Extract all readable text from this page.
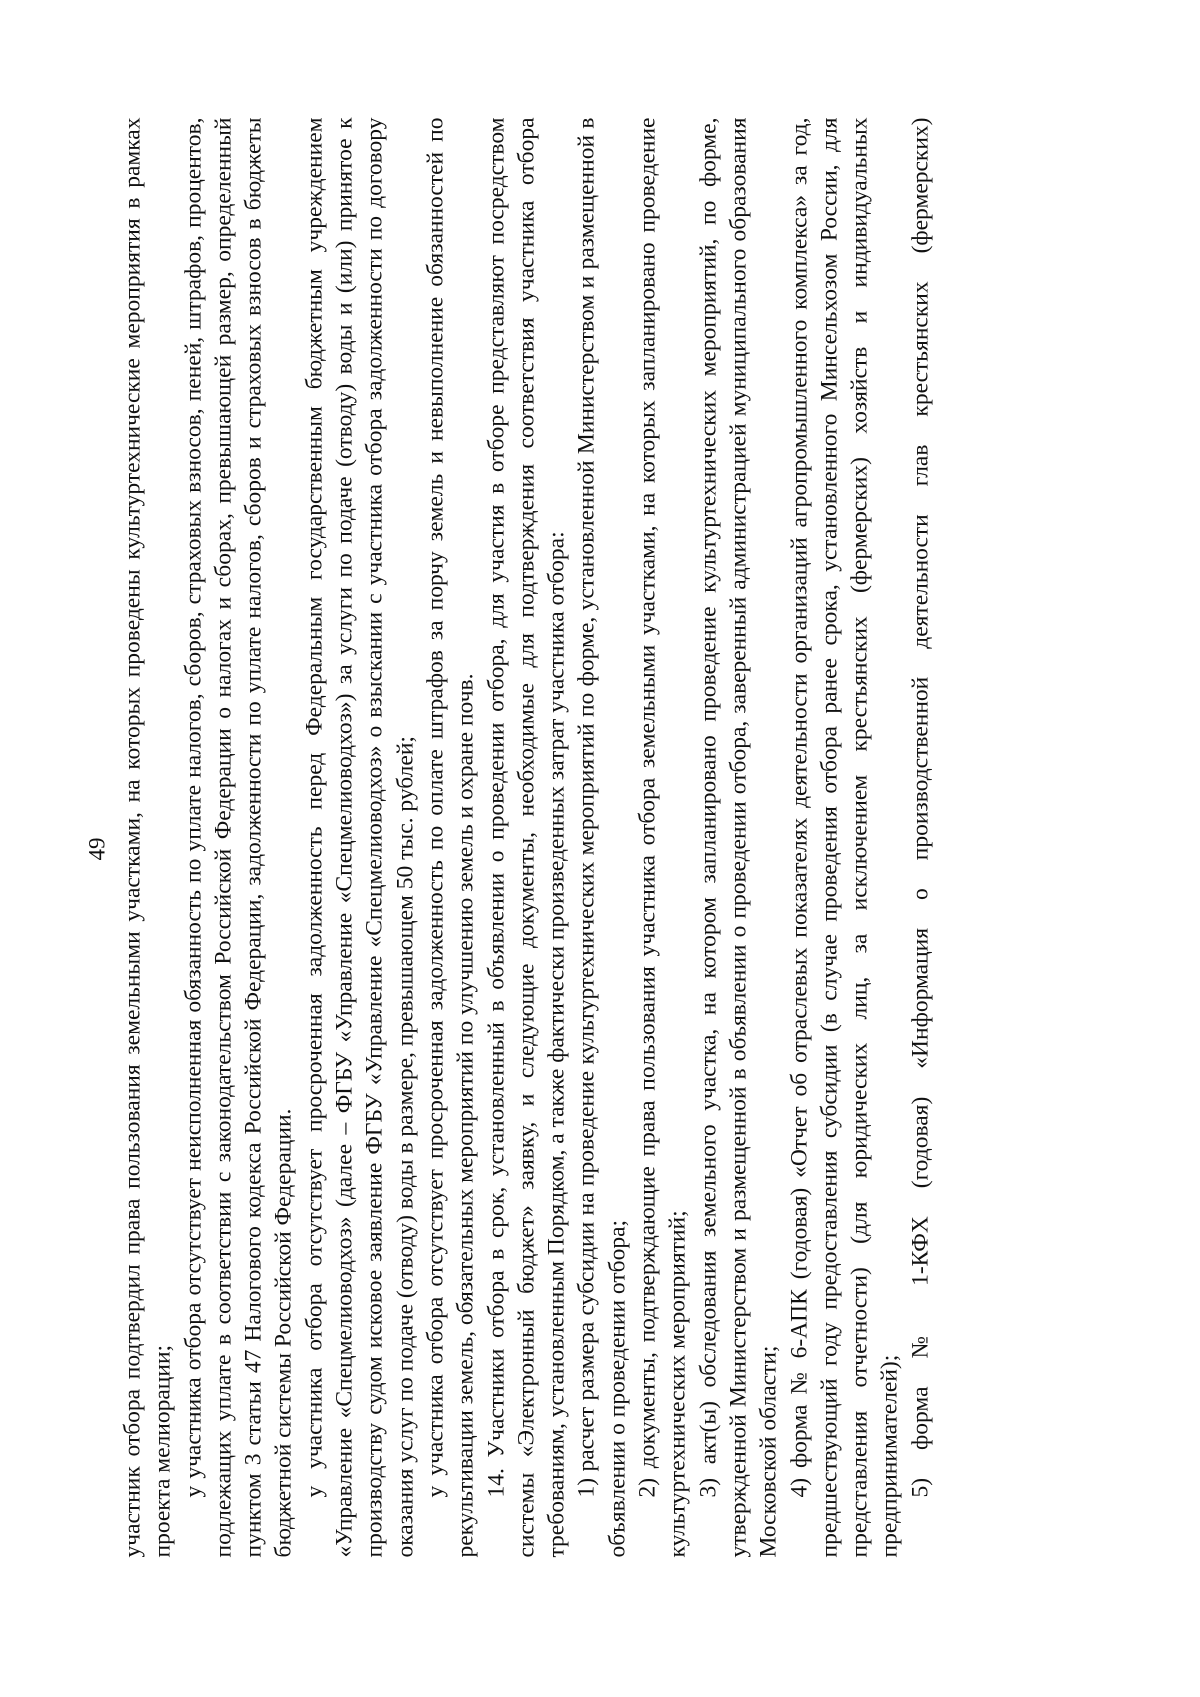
49 участник отбора подтвердил права пользования земельными участками, на которых проведены культуртехнические мероприятия в рамках проекта мелиорации; у участника отбора отсутствует неисполненная обязанность по уплате налогов, сборов, страховых взносов, пеней, штрафов, процентов, подлежащих уплате в соответствии с законодательством Российской Федерации о налогах и сборах, превышающей размер, определенный пунктом 3 статьи 47 Налогового кодекса Российской Федерации, задолженности по уплате налогов, сборов и страховых взносов в бюджеты бюджетной системы Российской Федерации. у участника отбора отсутствует просроченная задолженность перед Федеральным государственным бюджетным учреждением «Управление «Спецмелиоводхоз» (далее – ФГБУ «Управление «Спецмелиоводхоз») за услуги по подаче (отводу) воды и (или) принятое к производству судом исковое заявление ФГБУ «Управление «Спецмелиоводхоз» о взыскании с участника отбора задолженности по договору оказания услуг по подаче (отводу) воды в размере, превышающем 50 тыс. рублей; у участника отбора отсутствует просроченная задолженность по оплате штрафов за порчу земель и невыполнение обязанностей по рекультивации земель, обязательных мероприятий по улучшению земель и охране почв. 14. Участники отбора в срок, установленный в объявлении о проведении отбора, для участия в отборе представляют посредством системы «Электронный бюджет» заявку, и следующие документы, необходимые для подтверждения соответствия участника отбора требованиям, установленным Порядком, а также фактически произведенных затрат участника отбора: 1) расчет размера субсидии на проведение культуртехнических мероприятий по форме, установленной Министерством и размещенной в объявлении о проведении отбора; 2) документы, подтверждающие права пользования участника отбора земельными участками, на которых запланировано проведение культуртехнических мероприятий; 3) акт(ы) обследования земельного участка, на котором запланировано проведение культуртехнических мероприятий, по форме, утвержденной Министерством и размещенной в объявлении о проведении отбора, заверенный администрацией муниципального образования Московской области; 4) форма № 6-АПК (годовая) «Отчет об отраслевых показателях деятельности организаций агропромышленного комплекса» за год, предшествующий году предоставления субсидии (в случае проведения отбора ранее срока, установленного Минсельхозом России, для представления отчетности) (для юридических лиц, за исключением крестьянских (фермерских) хозяйств и индивидуальных предпринимателей); 5) форма № 1-КФХ (годовая) «Информация о производственной деятельности глав крестьянских (фермерских)
